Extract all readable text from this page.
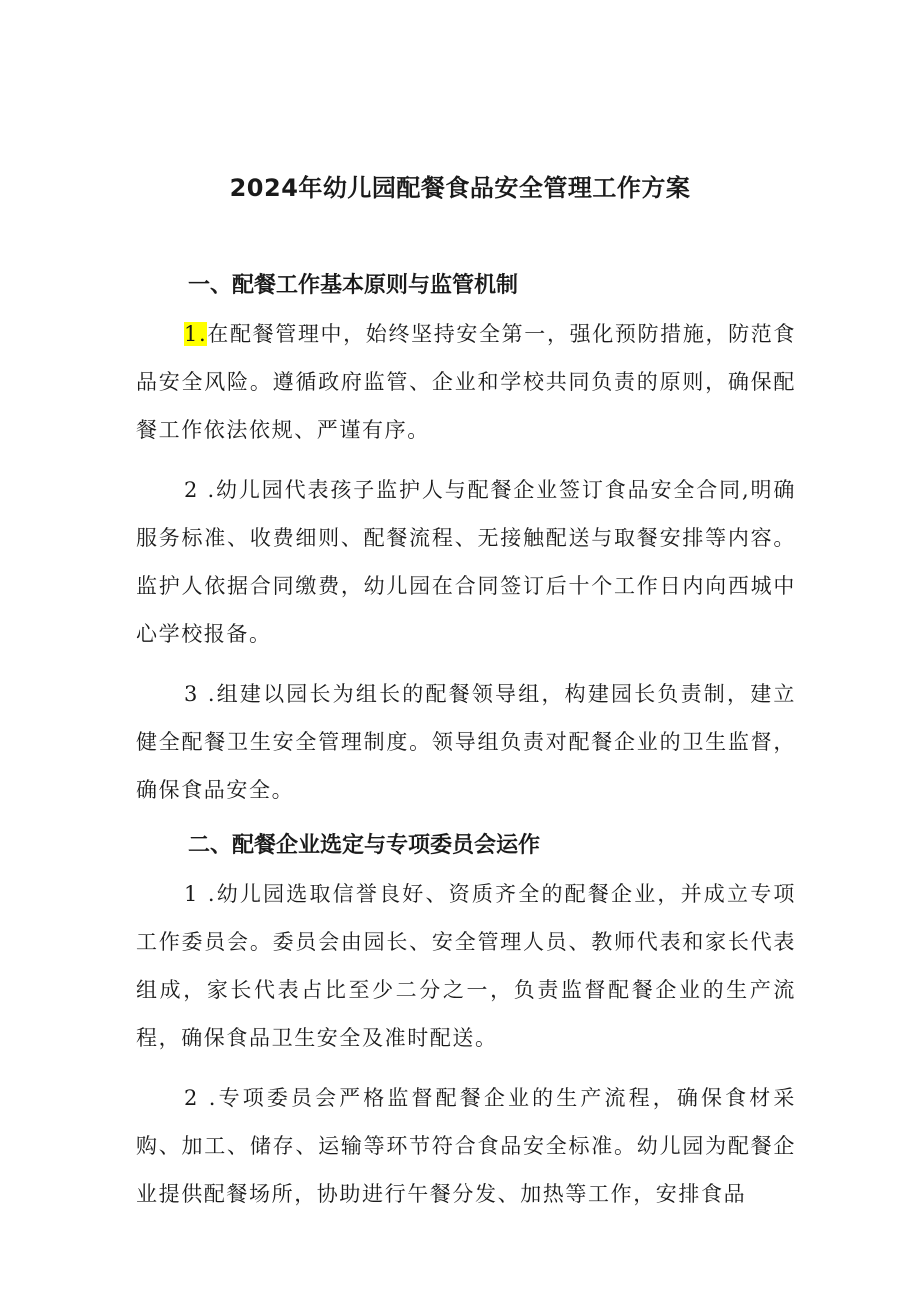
2024年幼儿园配餐食品安全管理工作方案
一、配餐工作基本原则与监管机制

1.在配餐管理中，始终坚持安全第一，强化预防措施，防范食品安全风险。遵循政府监管、企业和学校共同负责的原则，确保配餐工作依法依规、严谨有序。

2 .幼儿园代表孩子监护人与配餐企业签订食品安全合同,明确服务标准、收费细则、配餐流程、无接触配送与取餐安排等内容。监护人依据合同缴费，幼儿园在合同签订后十个工作日内向西城中心学校报备。

3 .组建以园长为组长的配餐领导组，构建园长负责制，建立健全配餐卫生安全管理制度。领导组负责对配餐企业的卫生监督，确保食品安全。

二、配餐企业选定与专项委员会运作

1 .幼儿园选取信誉良好、资质齐全的配餐企业，并成立专项工作委员会。委员会由园长、安全管理人员、教师代表和家长代表组成，家长代表占比至少二分之一，负责监督配餐企业的生产流程，确保食品卫生安全及准时配送。

2 .专项委员会严格监督配餐企业的生产流程，确保食材采购、加工、储存、运输等环节符合食品安全标准。幼儿园为配餐企业提供配餐场所，协助进行午餐分发、加热等工作，安排食品
